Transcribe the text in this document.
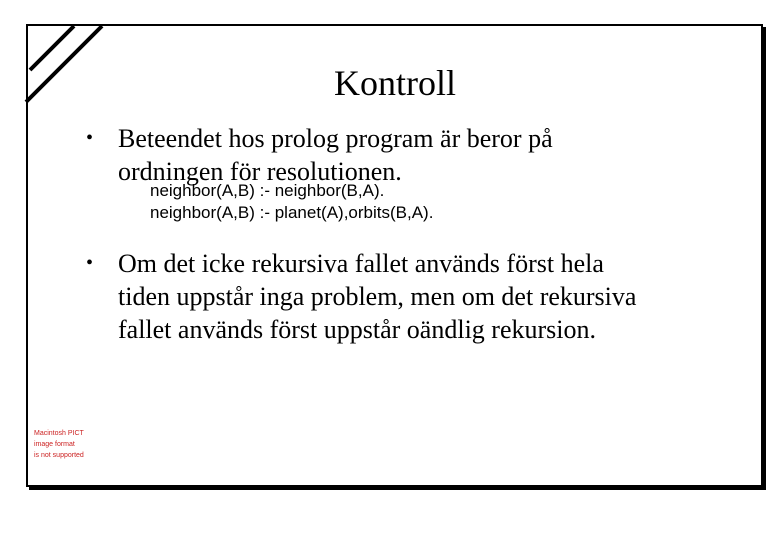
Kontroll
• Beteendet hos prolog program är beror på
ordningen för resolutionen.
neighbor(A,B) :- neighbor(B,A).
neighbor(A,B) :- planet(A),orbits(B,A).
• Om det icke rekursiva fallet används först hela
tiden uppstår inga problem, men om det rekursiva
fallet används först uppstår oändlig rekursion.
Macintosh PICT
image format
is not supported
